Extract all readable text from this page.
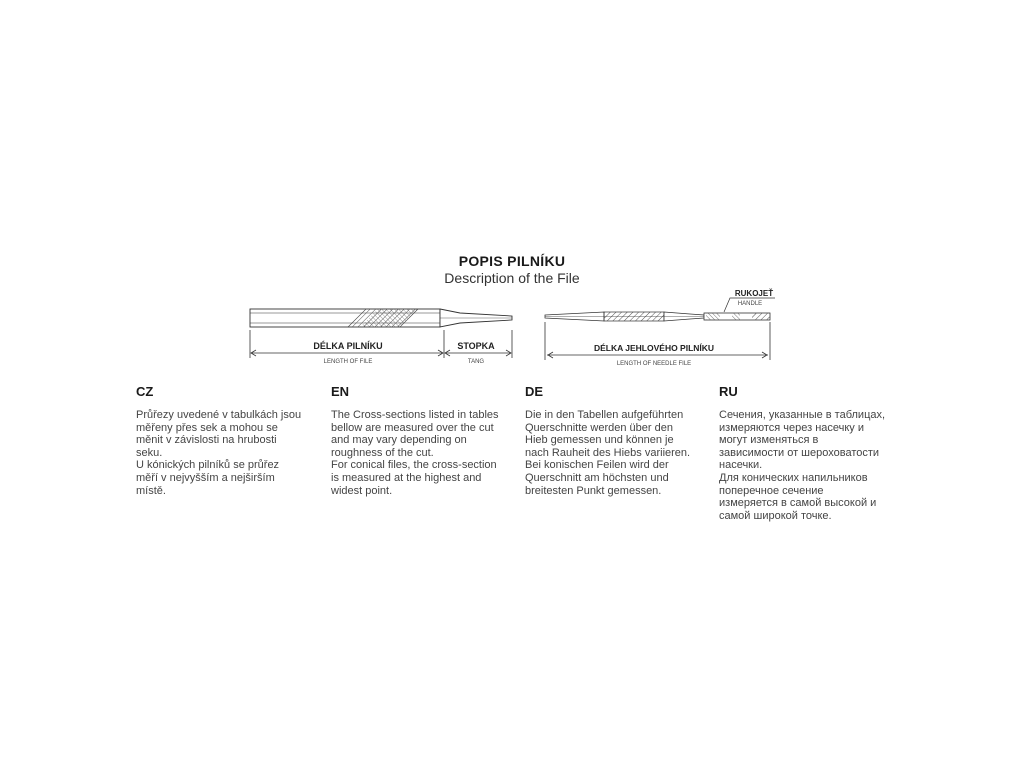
POPIS PILNÍKU
Description of the File
DÉLKA PILNÍKU
LENGTH OF FILE
STOPKA
TANG
RUKOJEŤ
HANDLE
DÉLKA JEHLOVÉHO PILNÍKU
LENGTH OF NEEDLE FILE
CZ
Průřezy uvedené v tabulkách jsou
měřeny přes sek a mohou se
měnit v závislosti na hrubosti
seku.
U kónických pilníků se průřez
měří v nejvyšším a nejširším
místě.
EN
The Cross-sections listed in tables
bellow are measured over the cut
and may vary depending on
roughness of the cut.
For conical files, the cross-section
is measured at the highest and
widest point.
DE
Die in den Tabellen aufgeführten
Querschnitte werden über den
Hieb gemessen und können je
nach Rauheit des Hiebs variieren.
Bei konischen Feilen wird der
Querschnitt am höchsten und
breitesten Punkt gemessen.
RU
Сечения, указанные в таблицах,
измеряются через насечку и
могут изменяться в
зависимости от шероховатости
насечки.
Для конических напильников
поперечное сечение
измеряется в самой высокой и
самой широкой точке.
